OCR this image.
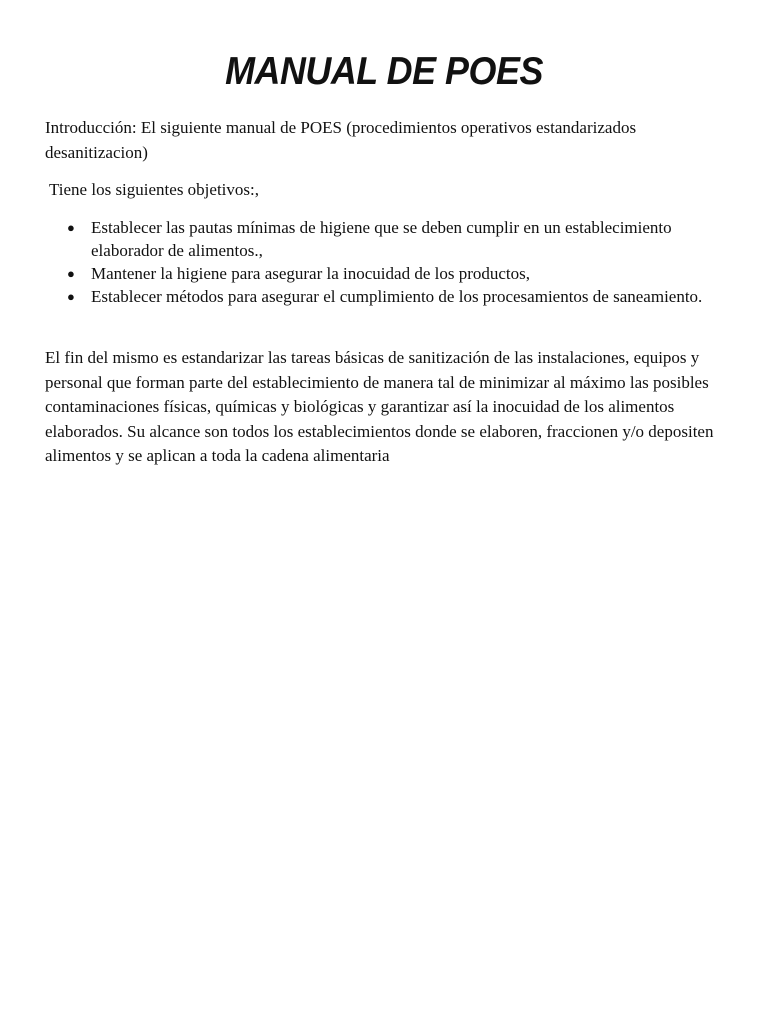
MANUAL DE POES

Introducción: El siguiente manual de POES (procedimientos operativos estandarizados desanitizacion)

Tiene los siguientes objetivos:,

● Establecer las pautas mínimas de higiene que se deben cumplir en un establecimiento elaborador de alimentos.,
● Mantener la higiene para asegurar la inocuidad de los productos,
● Establecer métodos para asegurar el cumplimiento de los procesamientos de saneamiento.

El fin del mismo es estandarizar las tareas básicas de sanitización de las instalaciones, equipos y personal que forman parte del establecimiento de manera tal de minimizar al máximo las posibles contaminaciones físicas, químicas y biológicas y garantizar así la inocuidad de los alimentos elaborados. Su alcance son todos los establecimientos donde se elaboren, fraccionen y/o depositen alimentos y se aplican a toda la cadena alimentaria
